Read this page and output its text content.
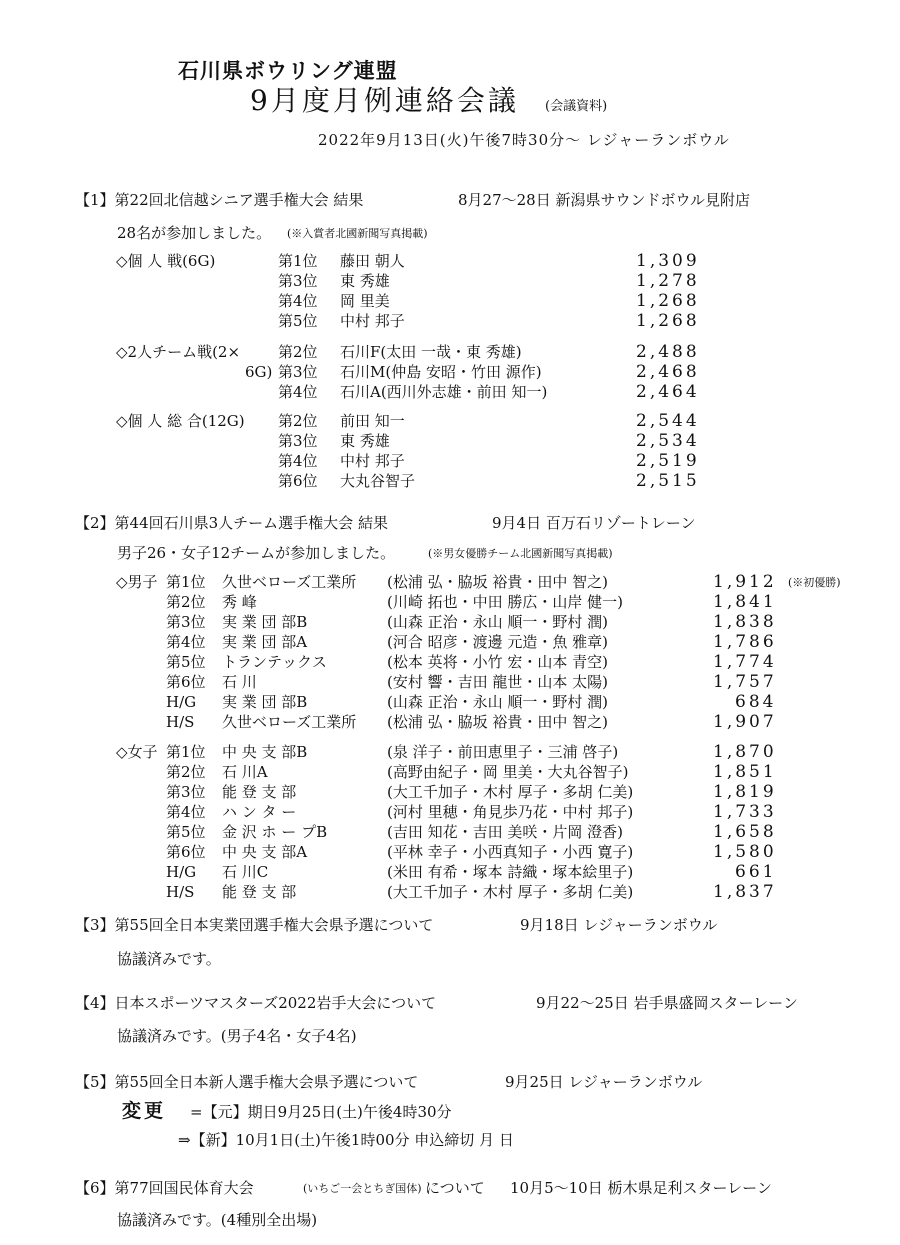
石川県ボウリング連盟
9月度月例連絡会議 (会議資料)
2022年9月13日(火)午後7時30分〜 レジャーランボウル
【1】第22回北信越シニア選手権大会 結果	8月27〜28日 新潟県サウンドボウル見附店
28名が参加しました。 (※入賞者北國新聞写真掲載)
◇個 人 戦(6G)	第1位 藤田 朝人	1,309
第3位 東 秀雄	1,278
第4位 岡 里美	1,268
第5位 中村 邦子	1,268
◇2人チーム戦(2×
6G)
第2位 石川F(太田 一哉・東 秀雄)	2,488
第3位 石川M(仲島 安昭・竹田 源作)	2,468
第4位 石川A(西川外志雄・前田 知一)	2,464
◇個 人 総 合(12G) 第2位 前田 知一	2,544
第3位 東 秀雄	2,534
第4位 中村 邦子	2,519
第6位 大丸谷智子	2,515
【2】第44回石川県3人チーム選手権大会 結果	9月4日 百万石リゾートレーン
男子26・女子12チームが参加しました。	(※男女優勝チーム北國新聞写真掲載)
◇男子 第1位 久世ベローズ工業所 (松浦 弘・脇坂 裕貴・田中 智之)	1,912 (※初優勝)
第2位 秀 峰	(川崎 拓也・中田 勝広・山岸 健一)	1,841
第3位 実 業 団 部B	(山森 正治・永山 順一・野村 潤)	1,838
第4位 実 業 団 部A	(河合 昭彦・渡邊 元造・魚 雅章)	1,786
第5位 トランテックス	(松本 英将・小竹 宏・山本 青空)	1,774
第6位 石 川	(安村 響・吉田 龍世・山本 太陽)	1,757
H/G 実 業 団 部B	(山森 正治・永山 順一・野村 潤)	684
H/S 久世ベローズ工業所 (松浦 弘・脇坂 裕貴・田中 智之)	1,907
◇女子 第1位 中 央 支 部B	(泉 洋子・前田恵里子・三浦 啓子)	1,870
第2位 石 川A	(高野由紀子・岡 里美・大丸谷智子)	1,851
第3位 能 登 支 部	(大工千加子・木村 厚子・多胡 仁美)	1,819
第4位 ハ ン タ ー	(河村 里穂・角見歩乃花・中村 邦子)	1,733
第5位 金 沢 ホ ー プB	(吉田 知花・吉田 美咲・片岡 澄香)	1,658
第6位 中 央 支 部A	(平林 幸子・小西真知子・小西 寛子)	1,580
H/G 石 川C	(米田 有希・塚本 詩織・塚本絵里子)	661
H/S 能 登 支 部	(大工千加子・木村 厚子・多胡 仁美)	1,837
【3】第55回全日本実業団選手権大会県予選について	9月18日 レジャーランボウル
協議済みです。
【4】日本スポーツマスターズ2022岩手大会について	9月22〜25日 岩手県盛岡スターレーン
協議済みです。(男子4名・女子4名)
【5】第55回全日本新人選手権大会県予選について	9月25日 レジャーランボウル
変更 =【元】期日9月25日(土)午後4時30分
⇒【新】10月1日(土)午後1時00分 申込締切 月 日
【6】第77回国民体育大会	(いちご一会とちぎ国体) について 10月5〜10日 栃木県足利スターレーン
協議済みです。(4種別全出場)
